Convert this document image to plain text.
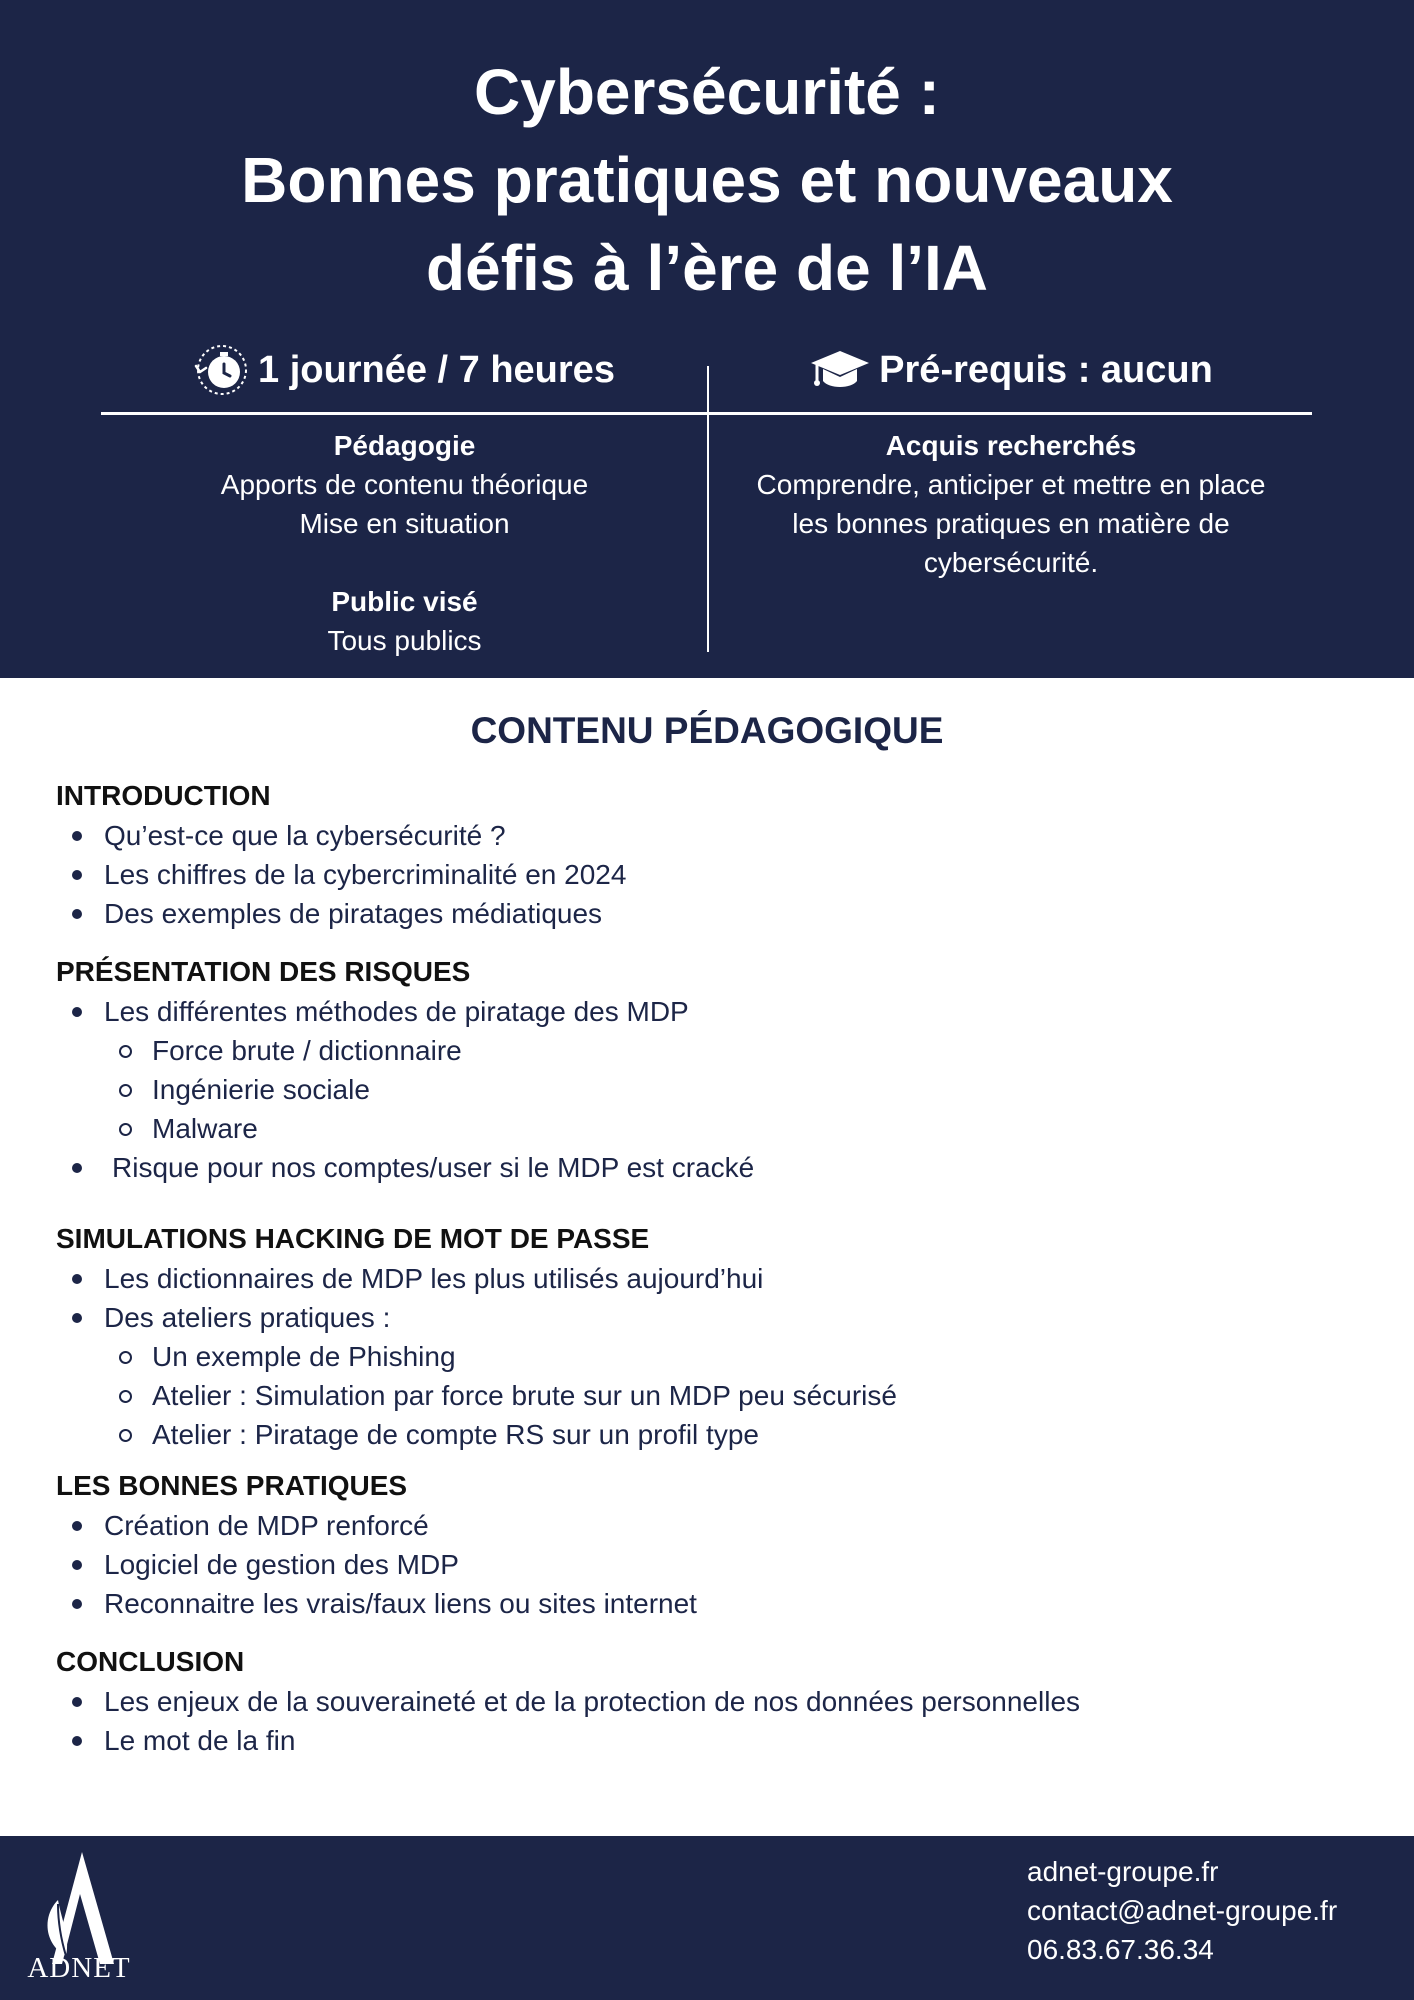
Cybersécurité :
Bonnes pratiques et nouveaux
défis à l’ère de l’IA
1 journée / 7 heures	Pré-requis : aucun
Pédagogie
Apports de contenu théorique
Mise en situation
Public visé
Tous publics
Acquis recherchés
Comprendre, anticiper et mettre en place
les bonnes pratiques en matière de
cybersécurité.
CONTENU PÉDAGOGIQUE
INTRODUCTION
Qu’est-ce que la cybersécurité ?
Les chiffres de la cybercriminalité en 2024
Des exemples de piratages médiatiques
PRÉSENTATION DES RISQUES
Les différentes méthodes de piratage des MDP
Force brute / dictionnaire
Ingénierie sociale
Malware
Risque pour nos comptes/user si le MDP est cracké
SIMULATIONS HACKING DE MOT DE PASSE
Les dictionnaires de MDP les plus utilisés aujourd’hui
Des ateliers pratiques :
Un exemple de Phishing
Atelier : Simulation par force brute sur un MDP peu sécurisé
Atelier : Piratage de compte RS sur un profil type
LES BONNES PRATIQUES
Création de MDP renforcé
Logiciel de gestion des MDP
Reconnaitre les vrais/faux liens ou sites internet
CONCLUSION
Les enjeux de la souveraineté et de la protection de nos données personnelles
Le mot de la fin
ADNET
adnet-groupe.fr
contact@adnet-groupe.fr
06.83.67.36.34
